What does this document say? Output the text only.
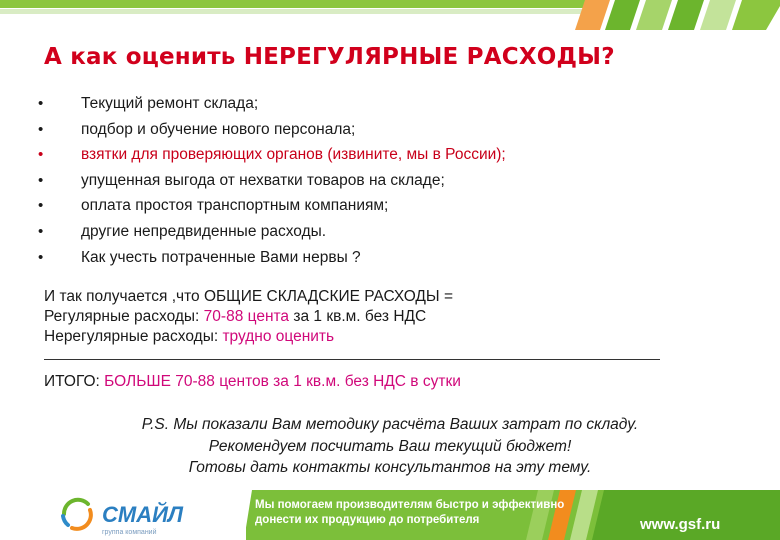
А как оценить НЕРЕГУЛЯРНЫЕ РАСХОДЫ?
• Текущий ремонт склада;
• подбор и обучение нового персонала;
• взятки для проверяющих органов (извините, мы в России);
• упущенная выгода от нехватки товаров на складе;
• оплата простоя транспортным компаниям;
• другие непредвиденные расходы.
• Как учесть потраченные Вами нервы ?
И так получается ,что ОБЩИЕ СКЛАДСКИЕ РАСХОДЫ =
Регулярные расходы: 70-88 цента за 1 кв.м. без НДС
Нерегулярные расходы: трудно оценить
ИТОГО: БОЛЬШЕ 70-88 центов за 1 кв.м. без НДС в сутки
P.S. Мы показали Вам методику расчёта Ваших затрат по складу.
Рекомендуем посчитать Ваш текущий бюджет!
Готовы дать контакты консультантов на эту тему.
СМАЙЛ
группа компаний
Мы помогаем производителям быстро и эффективно
донести их продукцию до потребителя	www.gsf.ru
